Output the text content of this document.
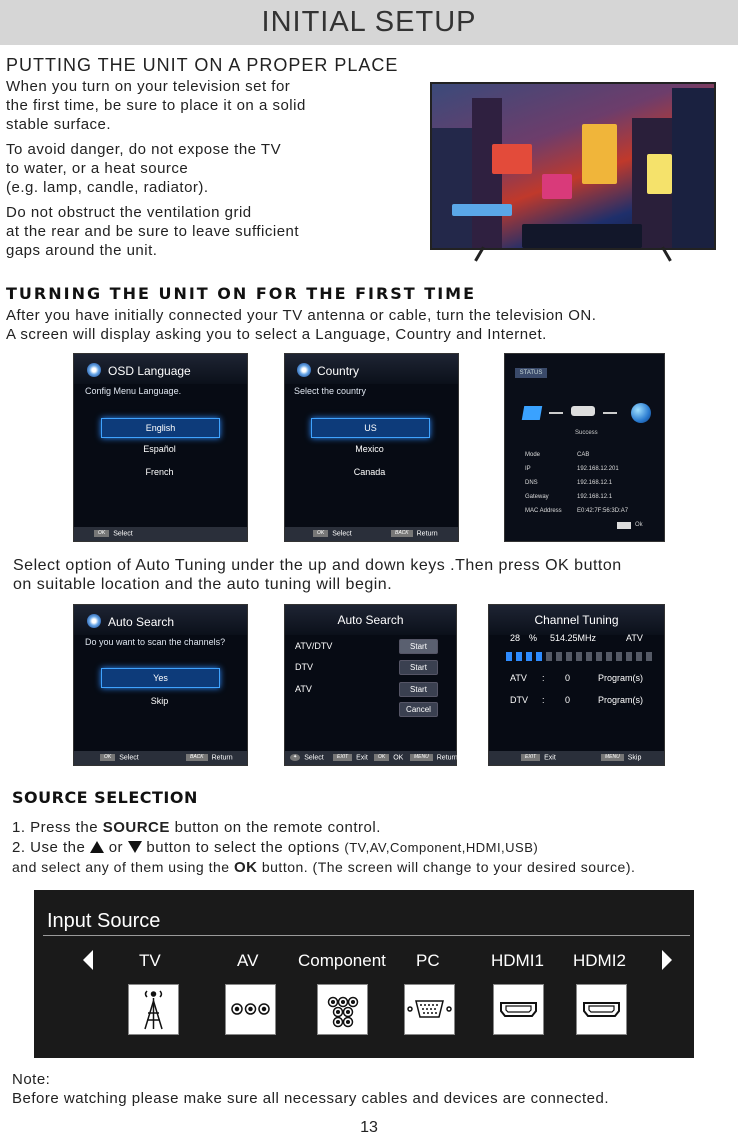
INITIAL SETUP
PUTTING THE UNIT ON A PROPER PLACE
When you turn on your television set for
the first time, be sure to place it on a solid
stable surface.
To avoid danger, do not expose the TV
to water, or a heat source
(e.g. lamp, candle, radiator).
Do not obstruct the ventilation grid
at the rear and be sure to leave sufficient
gaps around the unit.
TURNING THE UNIT ON FOR THE FIRST TIME
After you have initially connected your TV antenna or cable, turn the television ON.
A screen will display asking you to select a Language, Country and Internet.
OSD Language
Config Menu Language.
English
Español
French
OK Select
Country
Select the country
US
Mexico
Canada
OK Select	BACK Return
STATUS
Success
Mode	CAB
IP	192.168.12.201
DNS	192.168.12.1
Gateway	192.168.12.1
MAC Address	E0:42:7F:56:3D:A7
Ok
Select option of Auto Tuning under the up and down keys .Then press OK button
on suitable location and the auto tuning will begin.
Auto Search
Do you want to scan the channels?
Yes
Skip
OK Select	BACK Return
Auto Search
ATV/DTV	Start
DTV	Start
ATV	Start
Cancel
✦ Select	EXIT Exit	OK OK	MENU Return
Channel Tuning
28 % 514.25MHz	ATV
ATV : 0	Program(s)
DTV : 0	Program(s)
EXIT Exit	MENU Skip
SOURCE SELECTION
1. Press the SOURCE button on the remote control.
2. Use the  or  button to select the options (TV,AV,Component,HDMI,USB)
and select any of them using the OK button. (The screen will change to your desired source).
Input Source
TV	AV Component PC	HDMI1 HDMI2
Note:
Before watching please make sure all necessary cables and devices are connected.
13
